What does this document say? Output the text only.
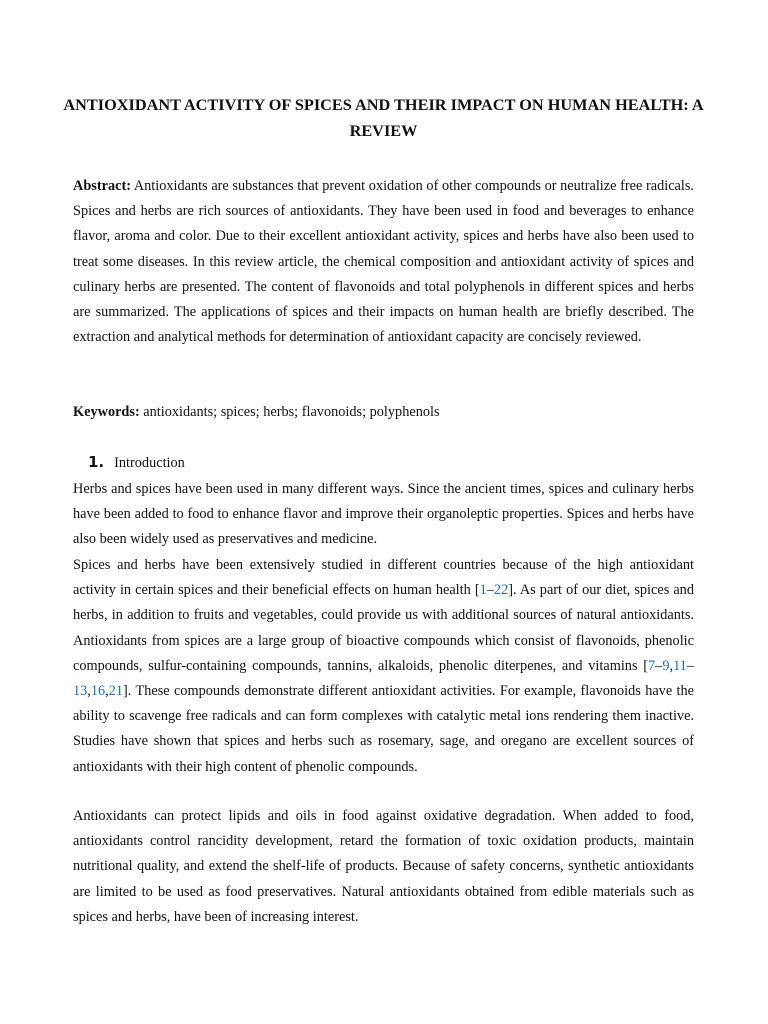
ANTIOXIDANT ACTIVITY OF SPICES AND THEIR IMPACT ON HUMAN HEALTH: A REVIEW

Abstract: Antioxidants are substances that prevent oxidation of other compounds or neutralize free radicals. Spices and herbs are rich sources of antioxidants. They have been used in food and beverages to enhance flavor, aroma and color. Due to their excellent antioxidant activity, spices and herbs have also been used to treat some diseases. In this review article, the chemical composition and antioxidant activity of spices and culinary herbs are presented. The content of flavonoids and total polyphenols in different spices and herbs are summarized. The applications of spices and their impacts on human health are briefly described. The extraction and analytical methods for determination of antioxidant capacity are concisely reviewed.

Keywords: antioxidants; spices; herbs; flavonoids; polyphenols

1. Introduction

Herbs and spices have been used in many different ways. Since the ancient times, spices and culinary herbs have been added to food to enhance flavor and improve their organoleptic properties. Spices and herbs have also been widely used as preservatives and medicine.

Spices and herbs have been extensively studied in different countries because of the high antioxidant activity in certain spices and their beneficial effects on human health [1–22]. As part of our diet, spices and herbs, in addition to fruits and vegetables, could provide us with additional sources of natural antioxidants. Antioxidants from spices are a large group of bioactive compounds which consist of flavonoids, phenolic compounds, sulfur-containing compounds, tannins, alkaloids, phenolic diterpenes, and vitamins [7–9,11–13,16,21]. These compounds demonstrate different antioxidant activities. For example, flavonoids have the ability to scavenge free radicals and can form complexes with catalytic metal ions rendering them inactive. Studies have shown that spices and herbs such as rosemary, sage, and oregano are excellent sources of antioxidants with their high content of phenolic compounds.

Antioxidants can protect lipids and oils in food against oxidative degradation. When added to food, antioxidants control rancidity development, retard the formation of toxic oxidation products, maintain nutritional quality, and extend the shelf-life of products. Because of safety concerns, synthetic antioxidants are limited to be used as food preservatives. Natural antioxidants obtained from edible materials such as spices and herbs, have been of increasing interest.
